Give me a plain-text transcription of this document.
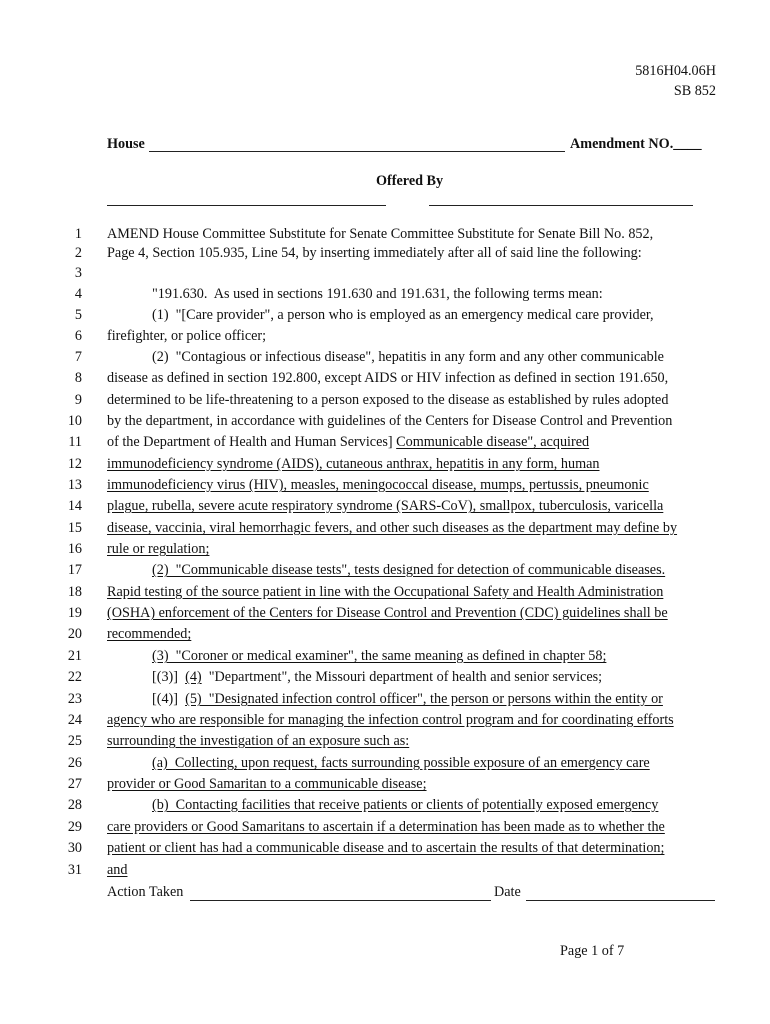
5816H04.06H
SB 852
House	Amendment NO.____
Offered By
1 AMEND House Committee Substitute for Senate Committee Substitute for Senate Bill No. 852,
2 Page 4, Section 105.935, Line 54, by inserting immediately after all of said line the following:
3
4	"191.630.  As used in sections 191.630 and 191.631, the following terms mean:
5	(1)  "[Care provider", a person who is employed as an emergency medical care provider,
6 firefighter, or police officer;
7	(2)  "Contagious or infectious disease", hepatitis in any form and any other communicable
8 disease as defined in section 192.800, except AIDS or HIV infection as defined in section 191.650,
9 determined to be life-threatening to a person exposed to the disease as established by rules adopted
10 by the department, in accordance with guidelines of the Centers for Disease Control and Prevention
11 of the Department of Health and Human Services] Communicable disease", acquired
12 immunodeficiency syndrome (AIDS), cutaneous anthrax, hepatitis in any form, human
13 immunodeficiency virus (HIV), measles, meningococcal disease, mumps, pertussis, pneumonic
14 plague, rubella, severe acute respiratory syndrome (SARS-CoV), smallpox, tuberculosis, varicella
15 disease, vaccinia, viral hemorrhagic fevers, and other such diseases as the department may define by
16 rule or regulation;
17	(2)  "Communicable disease tests", tests designed for detection of communicable diseases.
18 Rapid testing of the source patient in line with the Occupational Safety and Health Administration
19 (OSHA) enforcement of the Centers for Disease Control and Prevention (CDC) guidelines shall be
20 recommended;
21	(3)  "Coroner or medical examiner", the same meaning as defined in chapter 58;
22	[(3)]  (4)  "Department", the Missouri department of health and senior services;
23	[(4)]  (5)  "Designated infection control officer", the person or persons within the entity or
24 agency who are responsible for managing the infection control program and for coordinating efforts
25 surrounding the investigation of an exposure such as:
26	(a)  Collecting, upon request, facts surrounding possible exposure of an emergency care
27 provider or Good Samaritan to a communicable disease;
28	(b)  Contacting facilities that receive patients or clients of potentially exposed emergency
29 care providers or Good Samaritans to ascertain if a determination has been made as to whether the
30 patient or client has had a communicable disease and to ascertain the results of that determination;
31 and
Action Taken	Date
Page 1 of 7
